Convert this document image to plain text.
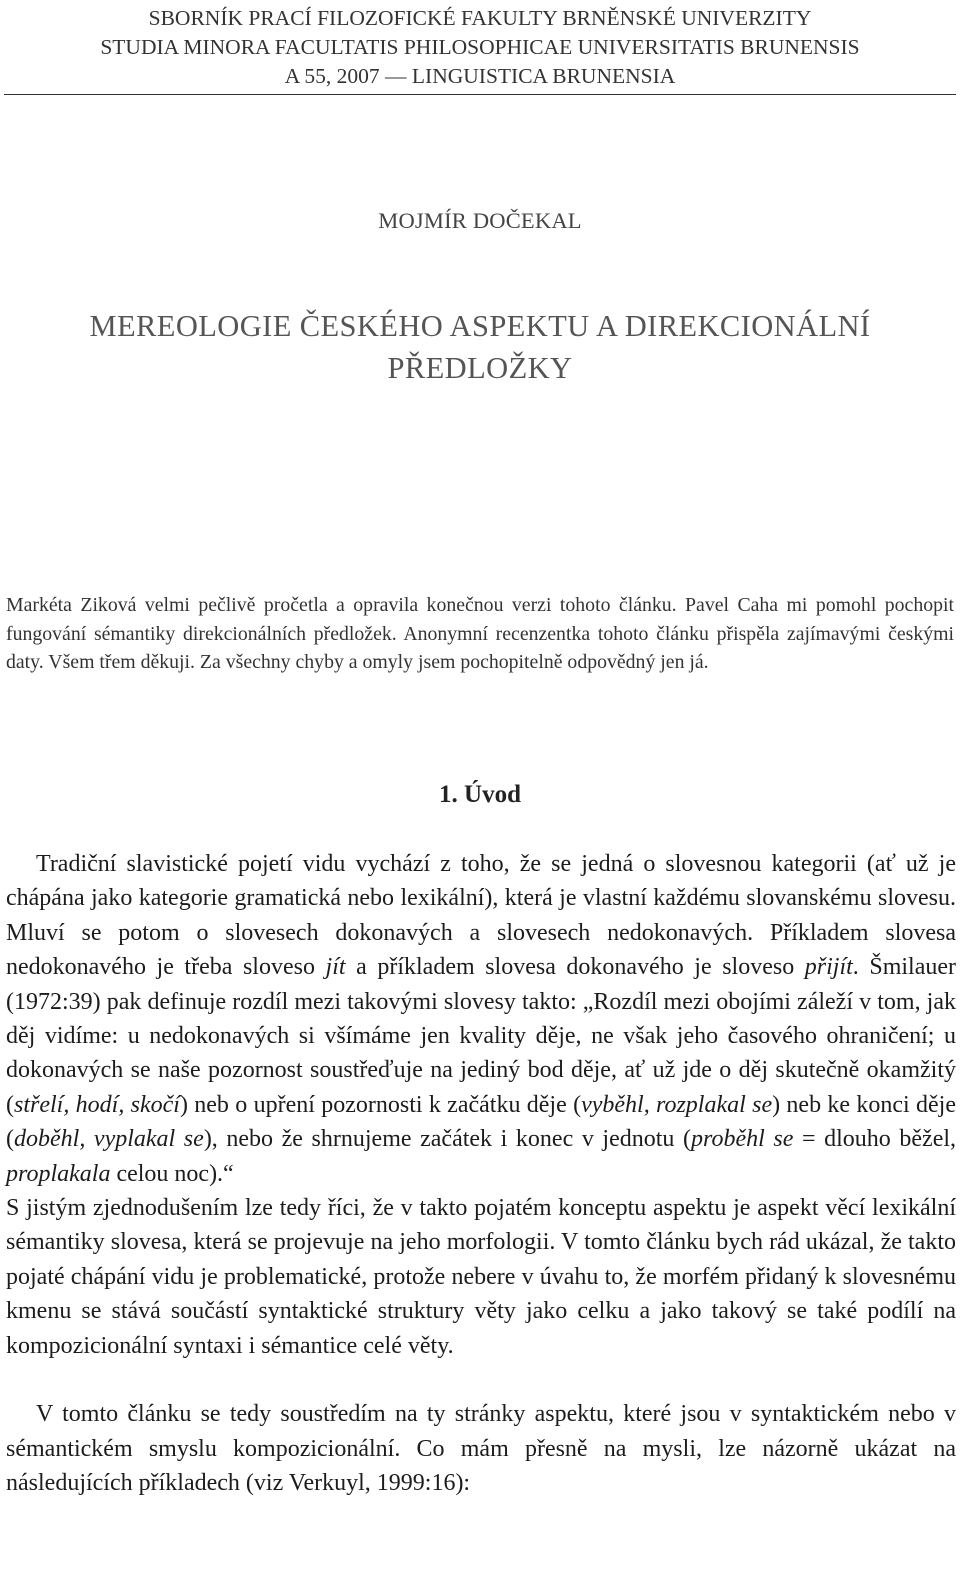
SBORNÍK PRACÍ FILOZOFICKÉ FAKULTY BRNĚNSKÉ UNIVERZITY
STUDIA MINORA FACULTATIS PHILOSOPHICAE UNIVERSITATIS BRUNENSIS
A 55, 2007 — LINGUISTICA BRUNENSIA
MOJMÍR DOČEKAL
MEREOLOGIE ČESKÉHO ASPEKTU A DIREKCIONÁLNÍ
PŘEDLOŽKY
Markéta Ziková velmi pečlivě pročetla a opravila konečnou verzi tohoto článku. Pavel Caha mi pomohl pochopit fungování sémantiky direkcionálních předložek. Anonymní recenzentka tohoto článku přispěla zajímavými českými daty. Všem třem děkuji. Za všechny chyby a omyly jsem pochopitelně odpovědný jen já.
1. Úvod

Tradiční slavistické pojetí vidu vychází z toho, že se jedná o slovesnou kategorii (ať už je chápána jako kategorie gramatická nebo lexikální), která je vlastní každému slovanskému slovesu. Mluví se potom o slovesech dokonavých a slovesech nedokonavých. Příkladem slovesa nedokonavého je třeba sloveso jít a příkladem slovesa dokonavého je sloveso přijít. Šmilauer (1972:39) pak definuje rozdíl mezi takovými slovesy takto: „Rozdíl mezi obojími záleží v tom, jak děj vidíme: u nedokonavých si všímáme jen kvality děje, ne však jeho časového ohraničení; u dokonavých se naše pozornost soustřeďuje na jediný bod děje, ať už jde o děj skutečně okamžitý (střelí, hodí, skočí) neb o upření pozornosti k začátku děje (vyběhl, rozplakal se) neb ke konci děje (doběhl, vyplakal se), nebo že shrnujeme začátek i konec v jednotu (proběhl se = dlouho běžel, proplakala celou noc).“
S jistým zjednodušením lze tedy říci, že v takto pojatém konceptu aspektu je aspekt věcí lexikální sémantiky slovesa, která se projevuje na jeho morfologii. V tomto článku bych rád ukázal, že takto pojaté chápání vidu je problematické, protože nebere v úvahu to, že morfém přidaný k slovesnému kmenu se stává součástí syntaktické struktury věty jako celku a jako takový se také podílí na kompozicionální syntaxi i sémantice celé věty.

V tomto článku se tedy soustředím na ty stránky aspektu, které jsou v syntaktickém nebo v sémantickém smyslu kompozicionální. Co mám přesně na mysli, lze názorně ukázat na následujících příkladech (viz Verkuyl, 1999:16):
